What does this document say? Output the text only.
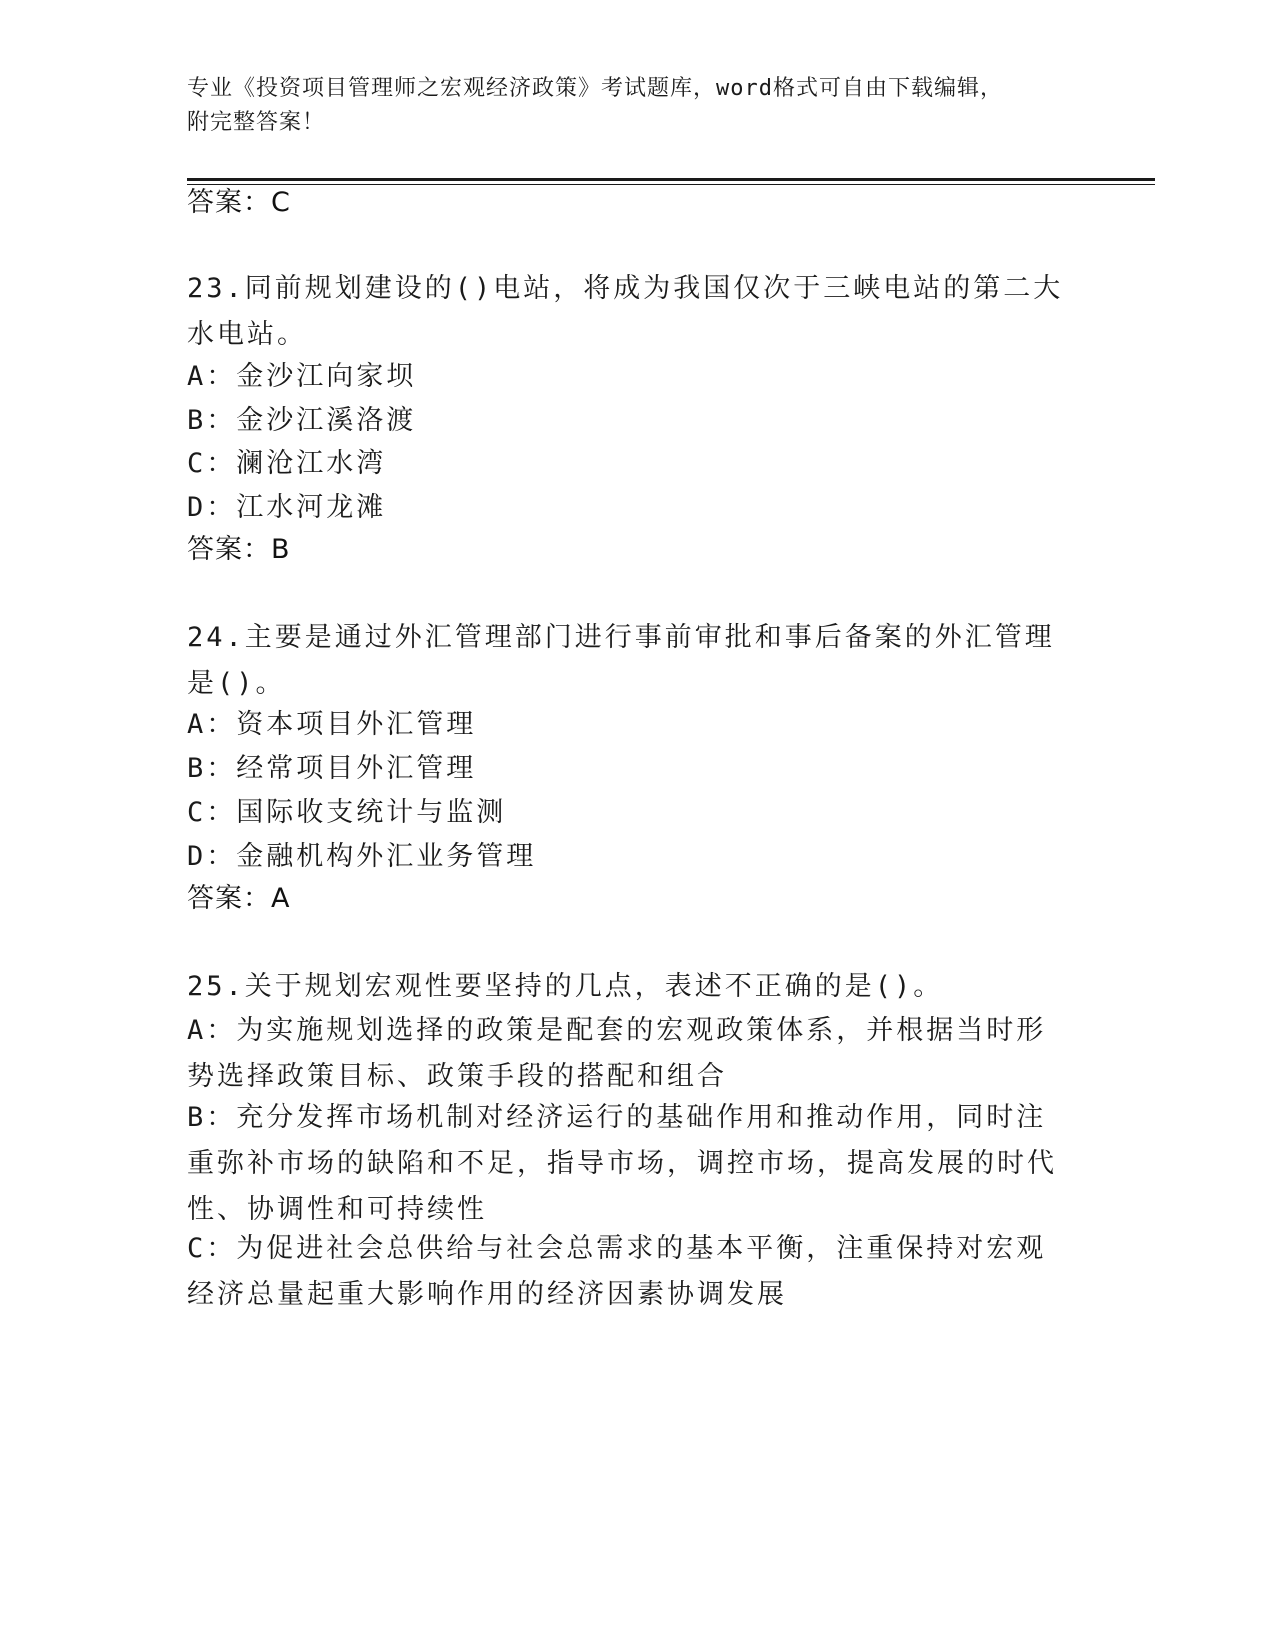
专业《投资项目管理师之宏观经济政策》考试题库，word格式可自由下载编辑，
附完整答案！
答案：C
23.同前规划建设的()电站，将成为我国仅次于三峡电站的第二大水电站。
A：金沙江向家坝
B：金沙江溪洛渡
C：澜沧江水湾
D：江水河龙滩
答案：B
24.主要是通过外汇管理部门进行事前审批和事后备案的外汇管理是()。
A：资本项目外汇管理
B：经常项目外汇管理
C：国际收支统计与监测
D：金融机构外汇业务管理
答案：A
25.关于规划宏观性要坚持的几点，表述不正确的是()。
A：为实施规划选择的政策是配套的宏观政策体系，并根据当时形势选择政策目标、政策手段的搭配和组合
B：充分发挥市场机制对经济运行的基础作用和推动作用，同时注重弥补市场的缺陷和不足，指导市场，调控市场，提高发展的时代性、协调性和可持续性
C：为促进社会总供给与社会总需求的基本平衡，注重保持对宏观经济总量起重大影响作用的经济因素协调发展
